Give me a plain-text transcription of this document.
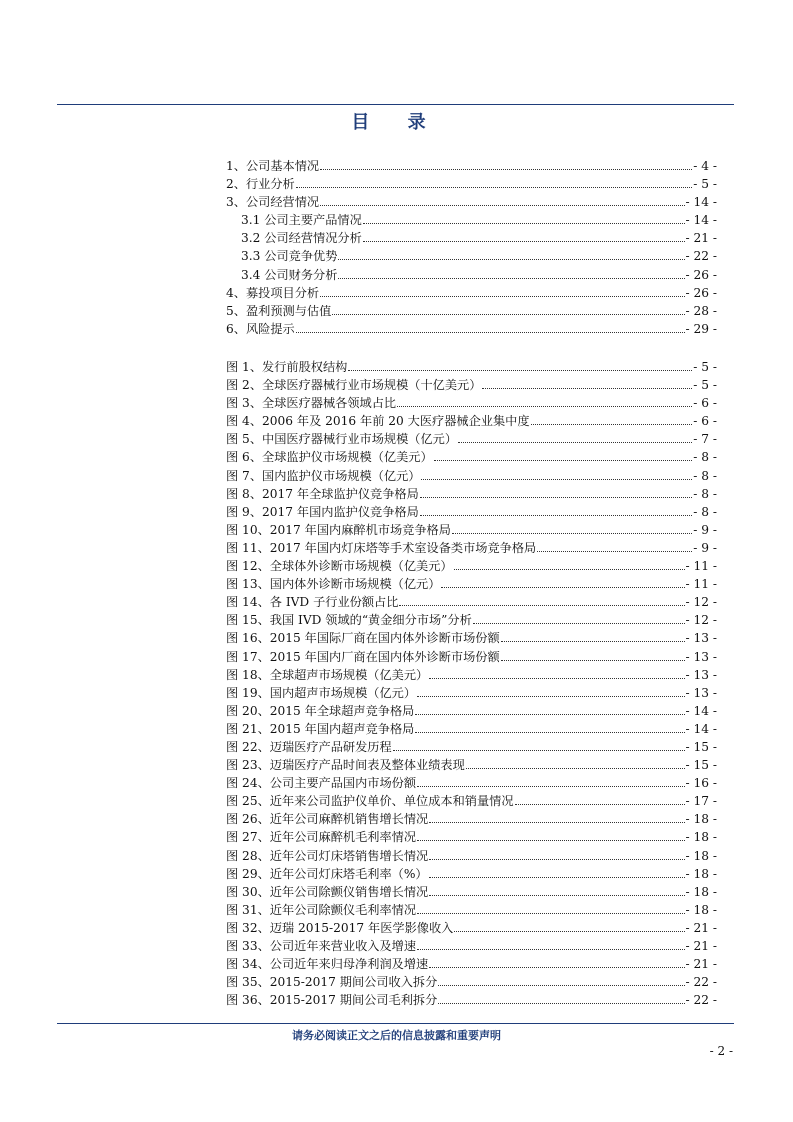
目 录
1、公司基本情况	- 4 -
2、行业分析	- 5 -
3、公司经营情况	- 14 -
3.1 公司主要产品情况	- 14 -
3.2 公司经营情况分析	- 21 -
3.3 公司竞争优势	- 22 -
3.4 公司财务分析	- 26 -
4、募投项目分析	- 26 -
5、盈利预测与估值	- 28 -
6、风险提示	- 29 -
图 1、发行前股权结构	- 5 -
图 2、全球医疗器械行业市场规模（十亿美元）	- 5 -
图 3、全球医疗器械各领域占比	- 6 -
图 4、2006 年及 2016 年前 20 大医疗器械企业集中度	- 6 -
图 5、中国医疗器械行业市场规模（亿元）	- 7 -
图 6、全球监护仪市场规模（亿美元）	- 8 -
图 7、国内监护仪市场规模（亿元）	- 8 -
图 8、2017 年全球监护仪竞争格局	- 8 -
图 9、2017 年国内监护仪竞争格局	- 8 -
图 10、2017 年国内麻醉机市场竞争格局	- 9 -
图 11、2017 年国内灯床塔等手术室设备类市场竞争格局	- 9 -
图 12、全球体外诊断市场规模（亿美元）	- 11 -
图 13、国内体外诊断市场规模（亿元）	- 11 -
图 14、各 IVD 子行业份额占比	- 12 -
图 15、我国 IVD 领域的“黄金细分市场”分析	- 12 -
图 16、2015 年国际厂商在国内体外诊断市场份额	- 13 -
图 17、2015 年国内厂商在国内体外诊断市场份额	- 13 -
图 18、全球超声市场规模（亿美元）	- 13 -
图 19、国内超声市场规模（亿元）	- 13 -
图 20、2015 年全球超声竞争格局	- 14 -
图 21、2015 年国内超声竞争格局	- 14 -
图 22、迈瑞医疗产品研发历程	- 15 -
图 23、迈瑞医疗产品时间表及整体业绩表现	- 15 -
图 24、公司主要产品国内市场份额	- 16 -
图 25、近年来公司监护仪单价、单位成本和销量情况	- 17 -
图 26、近年公司麻醉机销售增长情况	- 18 -
图 27、近年公司麻醉机毛利率情况	- 18 -
图 28、近年公司灯床塔销售增长情况	- 18 -
图 29、近年公司灯床塔毛利率（%）	- 18 -
图 30、近年公司除颤仪销售增长情况	- 18 -
图 31、近年公司除颤仪毛利率情况	- 18 -
图 32、迈瑞 2015-2017 年医学影像收入	- 21 -
图 33、公司近年来营业收入及增速	- 21 -
图 34、公司近年来归母净利润及增速	- 21 -
图 35、2015-2017 期间公司收入拆分	- 22 -
图 36、2015-2017 期间公司毛利拆分	- 22 -
请务必阅读正文之后的信息披露和重要声明
- 2 -
